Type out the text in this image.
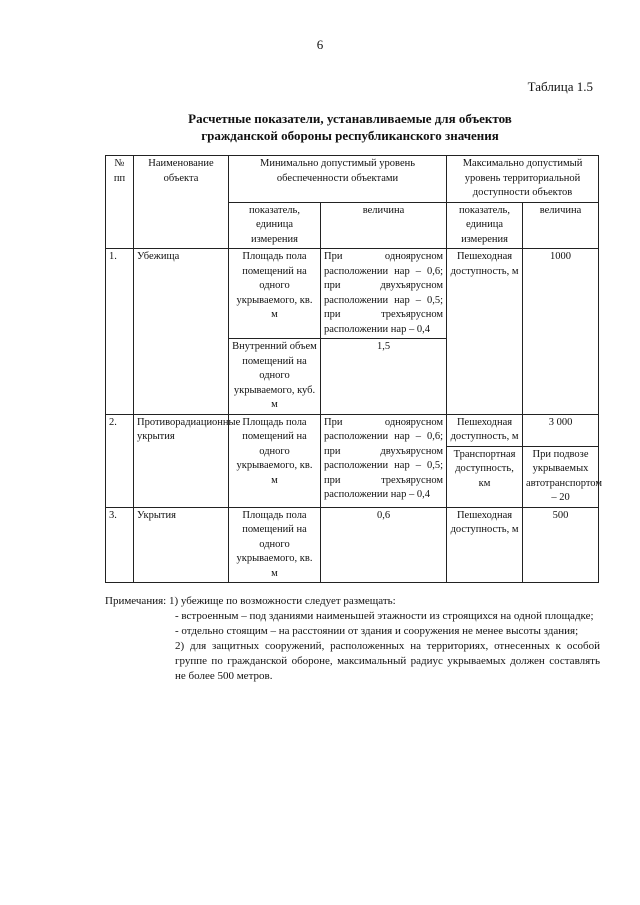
6
Таблица 1.5
Расчетные показатели, устанавливаемые для объектов
гражданской обороны республиканского значения
№ пп	Наименование объекта	Минимально допустимый уровень обеспеченности объектами		Максимально допустимый уровень территориальной доступности объектов	
		показатель, единица измерения	величина	показатель, единица измерения	величина
1.	Убежища	Площадь пола помещений на одного укрываемого, кв. м	При одноярусном расположении нар – 0,6; при двухъярусном расположении нар – 0,5; при трехъярусном расположении нар – 0,4	Пешеходная доступность, м	1000
		Внутренний объем помещений на одного укрываемого, куб. м	1,5		
2.	Противорадиационные укрытия	Площадь пола помещений на одного укрываемого, кв. м	При одноярусном расположении нар – 0,6; при двухъярусном расположении нар – 0,5; при трехъярусном расположении нар – 0,4	Пешеходная доступность, м	3 000
				Транспортная доступность, км	При подвозе укрываемых автотранспортом – 20
3.	Укрытия	Площадь пола помещений на одного укрываемого, кв. м	0,6	Пешеходная доступность, м	500
Примечания: 1) убежище по возможности следует размещать:
- встроенным – под зданиями наименьшей этажности из строящихся на одной площадке;
- отдельно стоящим – на расстоянии от здания и сооружения не менее высоты здания;
2) для защитных сооружений, расположенных на территориях, отнесенных к особой группе по гражданской обороне, максимальный радиус укрываемых должен составлять не более 500 метров.
